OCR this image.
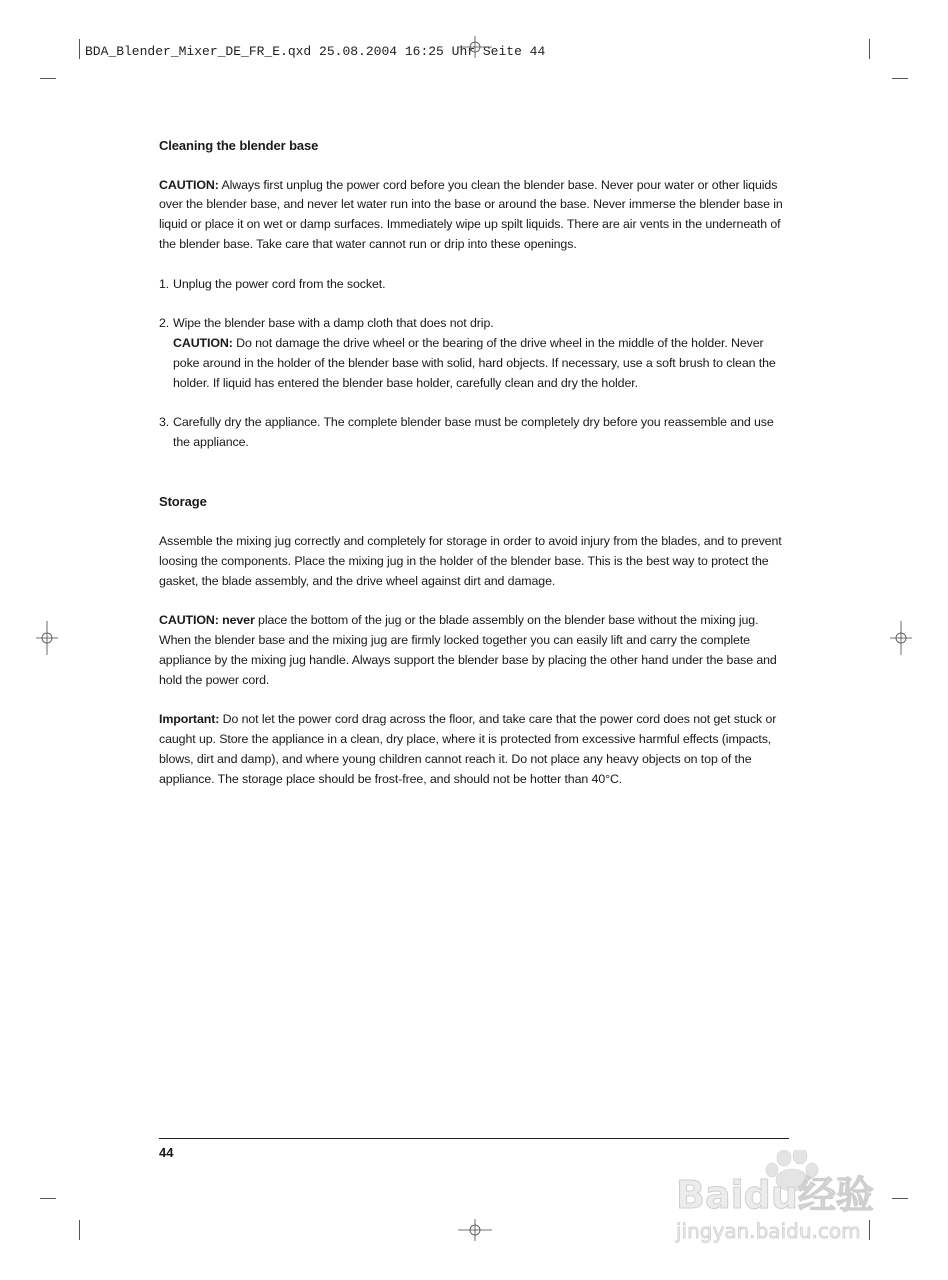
BDA_Blender_Mixer_DE_FR_E.qxd 25.08.2004 16:25 Uhr Seite 44

Cleaning the blender base

CAUTION: Always first unplug the power cord before you clean the blender base. Never pour water or other liquids over the blender base, and never let water run into the base or around the base. Never immerse the blender base in liquid or place it on wet or damp surfaces. Immediately wipe up spilt liquids. There are air vents in the underneath of the blender base. Take care that water cannot run or drip into these openings.

1. Unplug the power cord from the socket.
2. Wipe the blender base with a damp cloth that does not drip.
CAUTION: Do not damage the drive wheel or the bearing of the drive wheel in the middle of the holder. Never poke around in the holder of the blender base with solid, hard objects. If necessary, use a soft brush to clean the holder. If liquid has entered the blender base holder, carefully clean and dry the holder.
3. Carefully dry the appliance. The complete blender base must be completely dry before you reassemble and use the appliance.

Storage

Assemble the mixing jug correctly and completely for storage in order to avoid injury from the blades, and to prevent loosing the components. Place the mixing jug in the holder of the blender base. This is the best way to protect the gasket, the blade assembly, and the drive wheel against dirt and damage.

CAUTION: never place the bottom of the jug or the blade assembly on the blender base without the mixing jug. When the blender base and the mixing jug are firmly locked together you can easily lift and carry the complete appliance by the mixing jug handle. Always support the blender base by placing the other hand under the base and hold the power cord.

Important: Do not let the power cord drag across the floor, and take care that the power cord does not get stuck or caught up. Store the appliance in a clean, dry place, where it is protected from excessive harmful effects (impacts, blows, dirt and damp), and where young children cannot reach it. Do not place any heavy objects on top of the appliance. The storage place should be frost-free, and should not be hotter than 40°C.

44
Baidu经验
jingyan.baidu.com
